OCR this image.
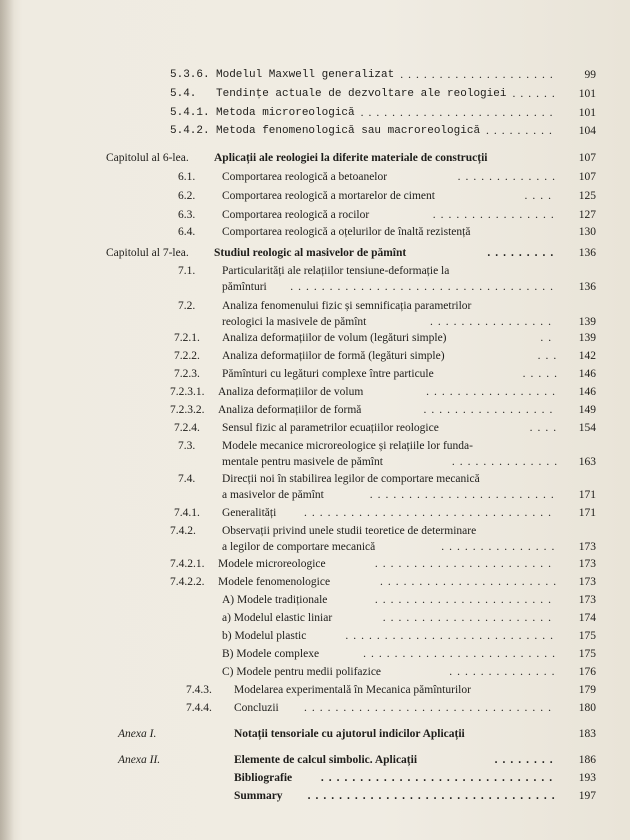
5.3.6. Modelul Maxwell generalizat ....................	99
5.4. Tendințe actuale de dezvoltare ale reologiei ......	101
5.4.1. Metoda microreologică .........................	101
5.4.2. Metoda fenomenologică sau macroreologică .........	104
Capitolul al 6-lea. Aplicații ale reologiei la diferite materiale de construcții	107
6.1. Comportarea reologică a betoanelor	.............	107
6.2. Comportarea reologică a mortarelor de ciment	....	125
6.3. Comportarea reologică a rocilor	................	127
6.4. Comportarea reologică a oțelurilor de înaltă rezistență	130
Capitolul al 7-lea. Studiul reologic al masivelor de pămînt	.........	136
7.1. Particularități ale relațiilor tensiune-deformație la
pămînturi ..................................	136
7.2. Analiza fenomenului fizic și semnificația parametrilor
reologici la masivele de pămînt	................	139
7.2.1. Analiza deformațiilor de volum (legături simple)	..	139
7.2.2. Analiza deformațiilor de formă (legături simple)	...	142
7.2.3. Pămînturi cu legături complexe între particule	.....	146
7.2.3.1. Analiza deformațiilor de volum	.................	146
7.2.3.2. Analiza deformațiilor de formă	.................	149
7.2.4. Sensul fizic al parametrilor ecuațiilor reologice	....	154
7.3. Modele mecanice microreologice și relațiile lor funda-
mentale pentru masivele de pămînt	..............	163
7.4. Direcții noi în stabilirea legilor de comportare mecanică
a masivelor de pămînt	........................	171
7.4.1. Generalități ................................	171
7.4.2. Observații privind unele studii teoretice de determinare
a legilor de comportare mecanică	...............	173
7.4.2.1. Modele microreologice	.......................	173
7.4.2.2. Modele fenomenologice	.......................	173
A) Modele tradiționale	.......................	173
a) Modelul elastic liniar	......................	174
b) Modelul plastic	...........................	175
B) Modele complexe	.........................	175
C) Modele pentru medii polifazice	..............	176
7.4.3. Modelarea experimentală în Mecanica pămînturilor	179
7.4.4. Concluzii ................................	180
Anexa I.	Notații tensoriale cu ajutorul indicilor Aplicații	183
Anexa II.	Elemente de calcul simbolic. Aplicații	........	186
Bibliografie	..............................	193
Summary ................................	197
